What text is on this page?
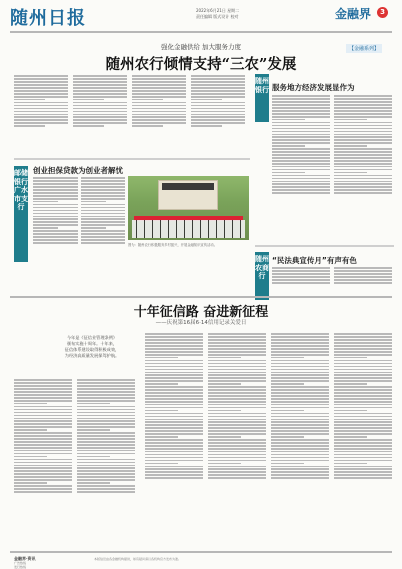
随州日报	2022年6月21日 星期二
责任编辑 版式设计 校对	金融界	3
强化金融供给 加大服务力度
随州农行倾情支持“三农”发展
【金融系列】
随州银行 服务地方经济发展显作为
邮储银行广水市支行
创业担保贷款为创业者解忧
图为：随州农行积极服务乡村振兴，开展金融知识宣传活动。
随州农商行
“民法典宣传月”有声有色
十年征信路 奋进新征程
——庆祝第16届6·14信用记录关爱日
今年是《征信业管理条例》
颁布实施十周年。十年来，
征信体系建设取得积极成效，
为经济高质量发展保驾护航。
金融界·资讯
广告热线
发行热线
本版信息由各金融机构提供，如有疑问请以各机构官方发布为准。
